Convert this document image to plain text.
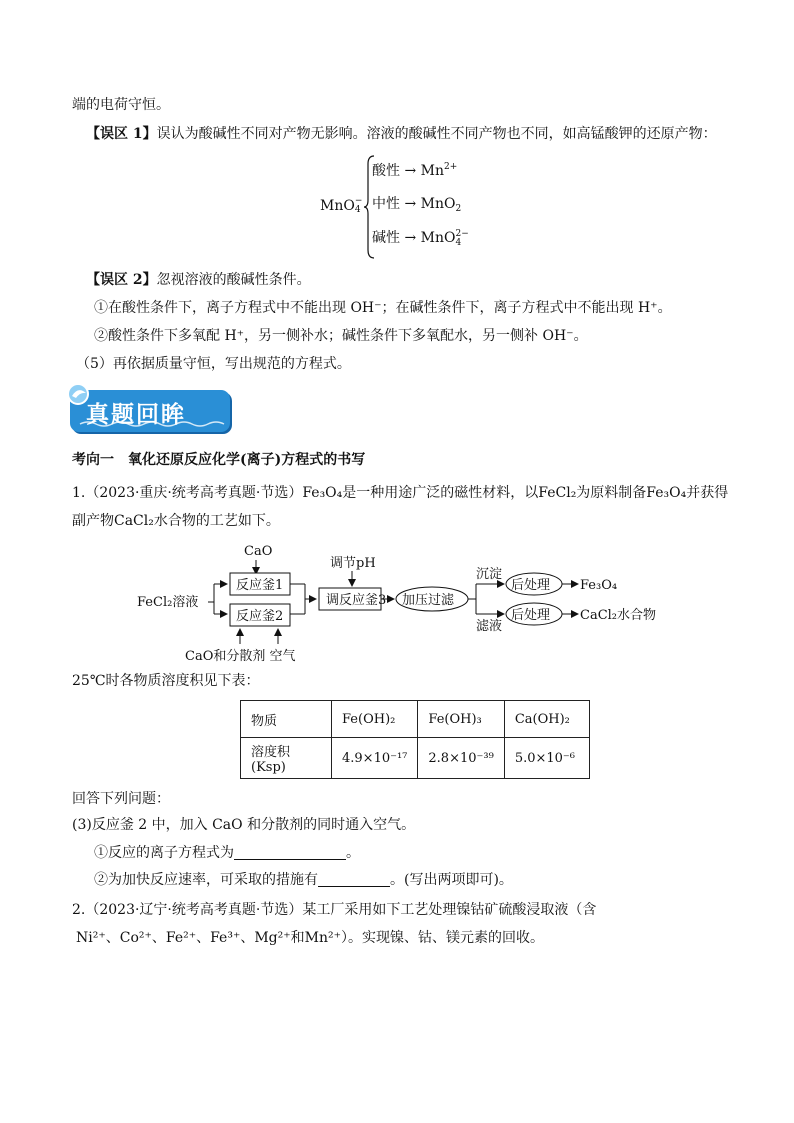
端的电荷守恒。
【误区 1】误认为酸碱性不同对产物无影响。溶液的酸碱性不同产物也不同，如高锰酸钾的还原产物：
MnO −
4
酸性 → $Mn^{2+}$
中性 → MnO$_2$
碱性 → MnO 2−
4
【误区 2】忽视溶液的酸碱性条件。
①在酸性条件下，离子方程式中不能出现 OH⁻；在碱性条件下，离子方程式中不能出现 H⁺。
②酸性条件下多氧配 H⁺，另一侧补水；碱性条件下多氧配水，另一侧补 OH⁻。
（5）再依据质量守恒，写出规范的方程式。
真题回眸
考向一　氧化还原反应化学(离子)方程式的书写
1.（2023·重庆·统考高考真题·节选）Fe₃O₄是一种用途广泛的磁性材料，以FeCl₂为原料制备Fe₃O₄并获得
副产物CaCl₂水合物的工艺如下。
CaO
FeCl₂溶液
反应釜1
反应釜2
调节pH
调反应釜3 加压过滤
沉淀
滤液
后处理
后处理
Fe₃O₄
CaCl₂水合物
CaO和分散剂 空气
25℃时各物质溶度积见下表：
物质	Fe(OH)₂	Fe(OH)₃	Ca(OH)₂
溶度积(Ksp)	4.9×10⁻¹⁷	2.8×10⁻³⁹	5.0×10⁻⁶
回答下列问题：
(3)反应釜 2 中，加入 CaO 和分散剂的同时通入空气。
①反应的离子方程式为	。
②为加快反应速率，可采取的措施有	。(写出两项即可)。
2.（2023·辽宁·统考高考真题·节选）某工厂采用如下工艺处理镍钴矿硫酸浸取液（含
Ni²⁺、Co²⁺、Fe²⁺、Fe³⁺、Mg²⁺和Mn²⁺）。实现镍、钴、镁元素的回收。
